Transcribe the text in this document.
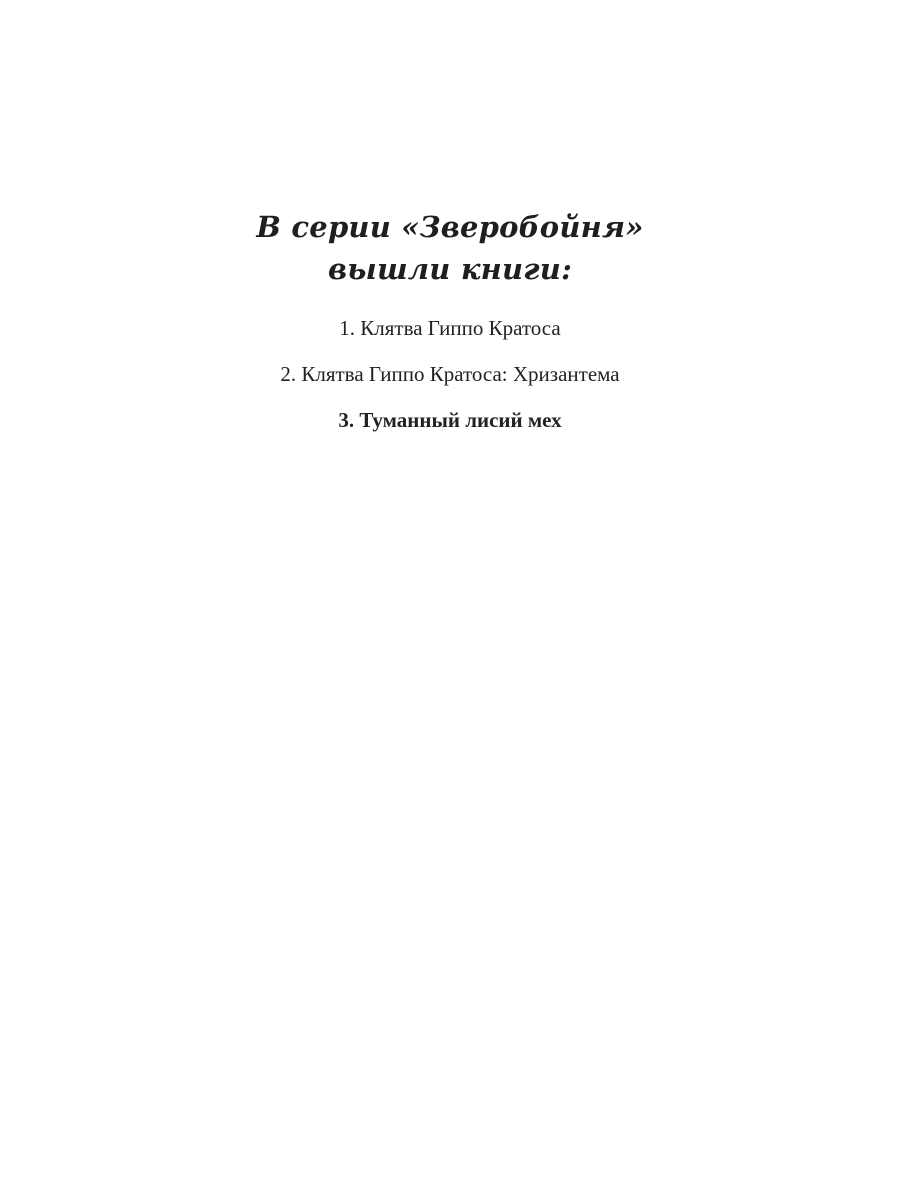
В серии «Зверобойня»
вышли книги:
1. Клятва Гиппо Кратоса
2. Клятва Гиппо Кратоса: Хризантема
3. Туманный лисий мех
